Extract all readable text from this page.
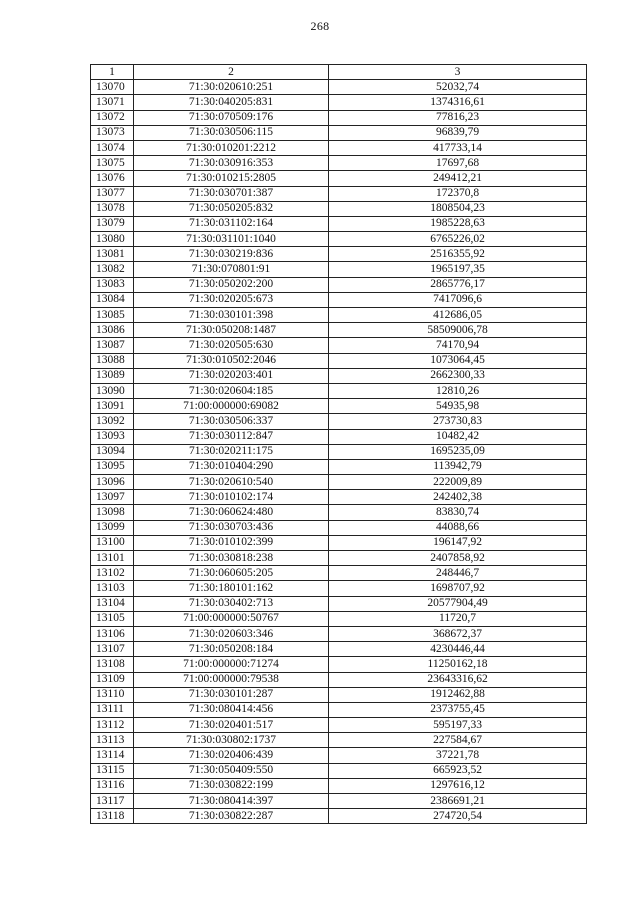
268
1	2	3
13070	71:30:020610:251	52032,74
13071	71:30:040205:831	1374316,61
13072	71:30:070509:176	77816,23
13073	71:30:030506:115	96839,79
13074	71:30:010201:2212	417733,14
13075	71:30:030916:353	17697,68
13076	71:30:010215:2805	249412,21
13077	71:30:030701:387	172370,8
13078	71:30:050205:832	1808504,23
13079	71:30:031102:164	1985228,63
13080	71:30:031101:1040	6765226,02
13081	71:30:030219:836	2516355,92
13082	71:30:070801:91	1965197,35
13083	71:30:050202:200	2865776,17
13084	71:30:020205:673	7417096,6
13085	71:30:030101:398	412686,05
13086	71:30:050208:1487	58509006,78
13087	71:30:020505:630	74170,94
13088	71:30:010502:2046	1073064,45
13089	71:30:020203:401	2662300,33
13090	71:30:020604:185	12810,26
13091	71:00:000000:69082	54935,98
13092	71:30:030506:337	273730,83
13093	71:30:030112:847	10482,42
13094	71:30:020211:175	1695235,09
13095	71:30:010404:290	113942,79
13096	71:30:020610:540	222009,89
13097	71:30:010102:174	242402,38
13098	71:30:060624:480	83830,74
13099	71:30:030703:436	44088,66
13100	71:30:010102:399	196147,92
13101	71:30:030818:238	2407858,92
13102	71:30:060605:205	248446,7
13103	71:30:180101:162	1698707,92
13104	71:30:030402:713	20577904,49
13105	71:00:000000:50767	11720,7
13106	71:30:020603:346	368672,37
13107	71:30:050208:184	4230446,44
13108	71:00:000000:71274	11250162,18
13109	71:00:000000:79538	23643316,62
13110	71:30:030101:287	1912462,88
13111	71:30:080414:456	2373755,45
13112	71:30:020401:517	595197,33
13113	71:30:030802:1737	227584,67
13114	71:30:020406:439	37221,78
13115	71:30:050409:550	665923,52
13116	71:30:030822:199	1297616,12
13117	71:30:080414:397	2386691,21
13118	71:30:030822:287	274720,54
